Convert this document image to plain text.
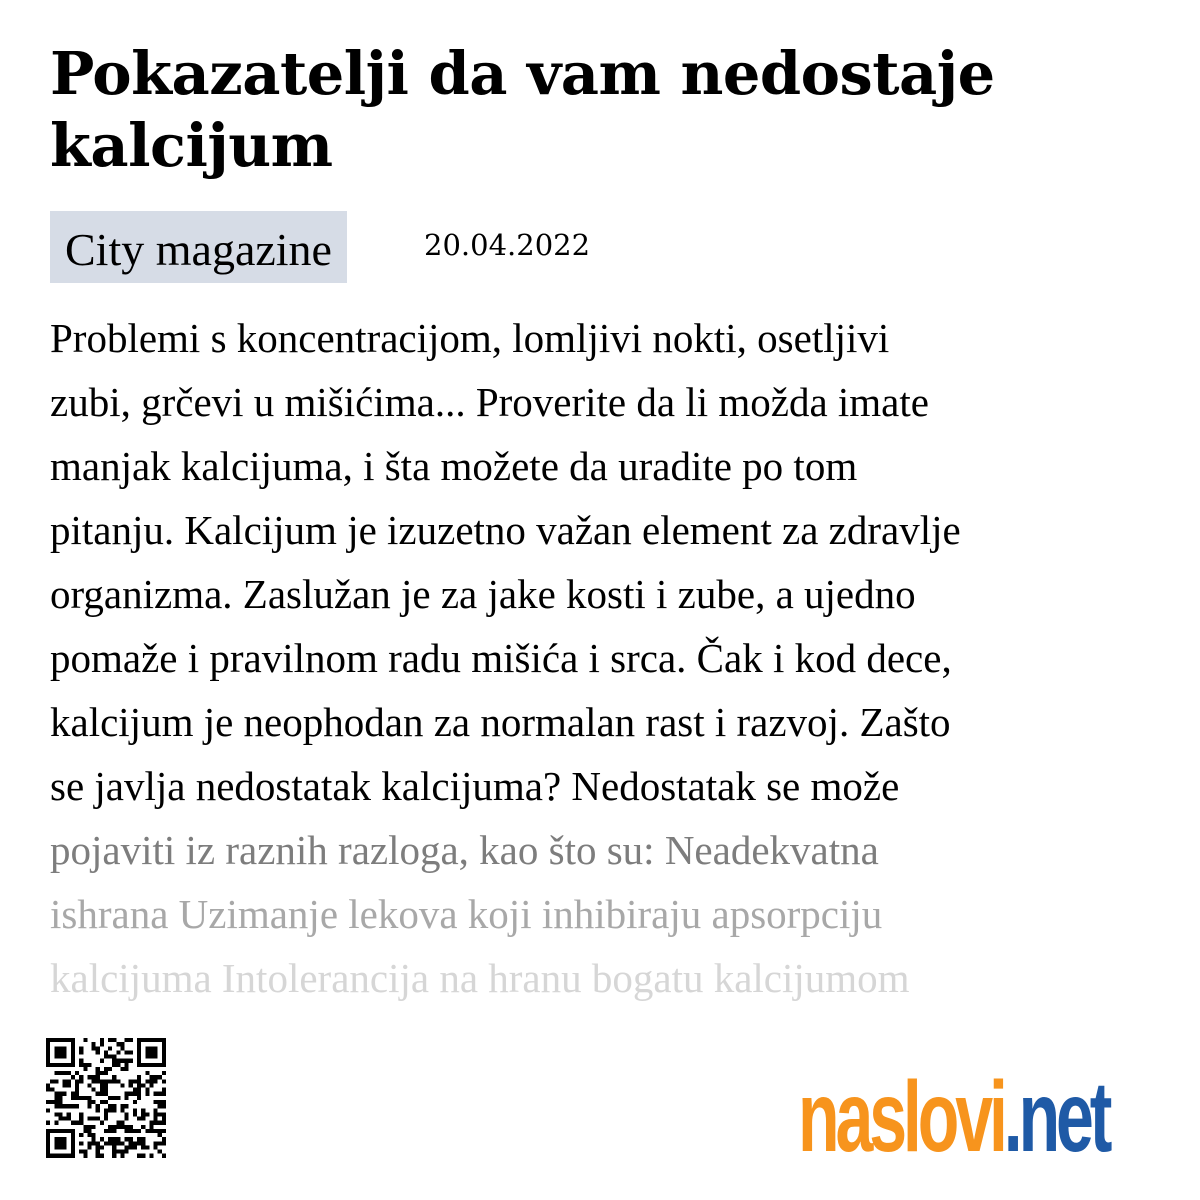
Pokazatelji da vam nedostaje
kalcijum
City magazine	20.04.2022
Problemi s koncentracijom, lomljivi nokti, osetljivi
zubi, grčevi u mišićima... Proverite da li možda imate
manjak kalcijuma, i šta možete da uradite po tom
pitanju. Kalcijum je izuzetno važan element za zdravlje
organizma. Zaslužan je za jake kosti i zube, a ujedno
pomaže i pravilnom radu mišića i srca. Čak i kod dece,
kalcijum je neophodan za normalan rast i razvoj. Zašto
se javlja nedostatak kalcijuma? Nedostatak se može
pojaviti iz raznih razloga, kao što su: Neadekvatna
ishrana Uzimanje lekova koji inhibiraju apsorpciju
kalcijuma Intolerancija na hranu bogatu kalcijumom
naslovi.net
